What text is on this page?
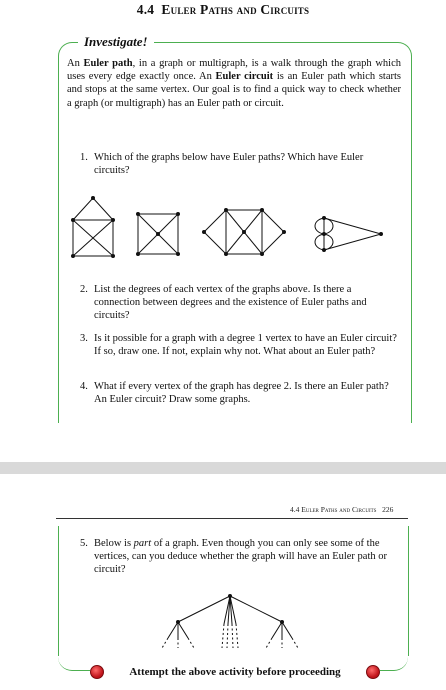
4.4 Euler Paths and Circuits
Investigate!
An Euler path, in a graph or multigraph, is a walk through the graph which uses every edge exactly once. An Euler circuit is an Euler path which starts and stops at the same vertex. Our goal is to find a quick way to check whether a graph (or multigraph) has an Euler path or circuit.
1. Which of the graphs below have Euler paths? Which have Euler circuits?
2. List the degrees of each vertex of the graphs above. Is there a connection between degrees and the existence of Euler paths and circuits?
3. Is it possible for a graph with a degree 1 vertex to have an Euler circuit? If so, draw one. If not, explain why not. What about an Euler path?
4. What if every vertex of the graph has degree 2. Is there an Euler path? An Euler circuit? Draw some graphs.
4.4 Euler Paths and Circuits 226
5. Below is part of a graph. Even though you can only see some of the vertices, can you deduce whether the graph will have an Euler path or circuit?
Attempt the above activity before proceeding
